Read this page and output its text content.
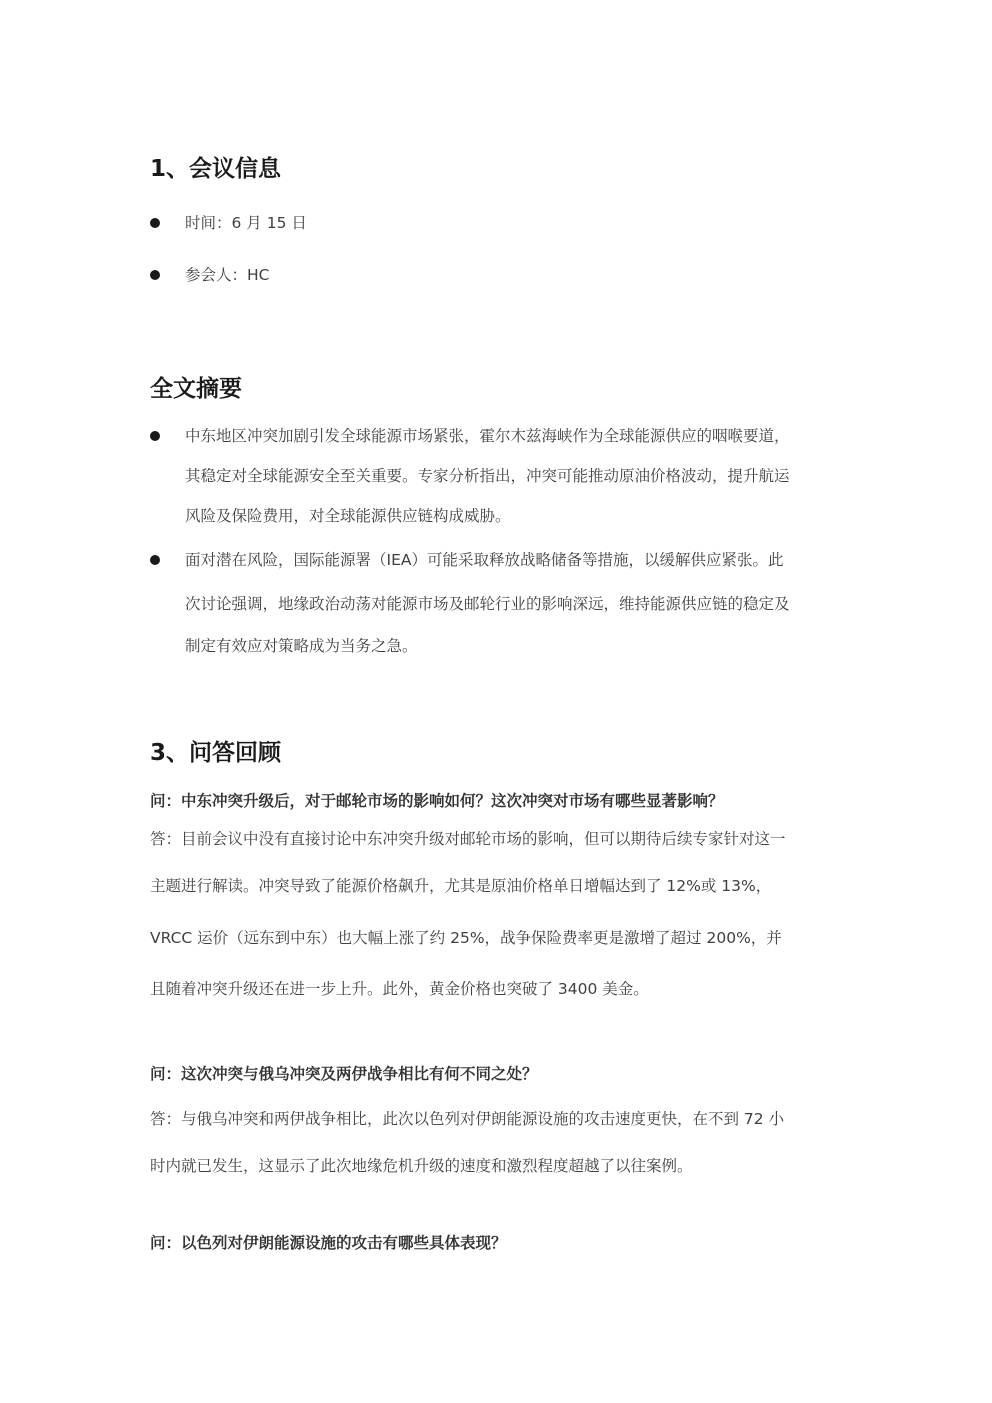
1、会议信息
时间：6 月 15 日
参会人：HC
全文摘要
中东地区冲突加剧引发全球能源市场紧张，霍尔木兹海峡作为全球能源供应的咽喉要道，
其稳定对全球能源安全至关重要。专家分析指出，冲突可能推动原油价格波动，提升航运
风险及保险费用，对全球能源供应链构成威胁。
面对潜在风险，国际能源署（IEA）可能采取释放战略储备等措施，以缓解供应紧张。此
次讨论强调，地缘政治动荡对能源市场及邮轮行业的影响深远，维持能源供应链的稳定及
制定有效应对策略成为当务之急。
3、问答回顾
问：中东冲突升级后，对于邮轮市场的影响如何？这次冲突对市场有哪些显著影响？
答：目前会议中没有直接讨论中东冲突升级对邮轮市场的影响，但可以期待后续专家针对这一
主题进行解读。冲突导致了能源价格飙升，尤其是原油价格单日增幅达到了 12%或 13%，
VRCC 运价（远东到中东）也大幅上涨了约 25%，战争保险费率更是激增了超过 200%，并
且随着冲突升级还在进一步上升。此外，黄金价格也突破了 3400 美金。
问：这次冲突与俄乌冲突及两伊战争相比有何不同之处？
答：与俄乌冲突和两伊战争相比，此次以色列对伊朗能源设施的攻击速度更快，在不到 72 小
时内就已发生，这显示了此次地缘危机升级的速度和激烈程度超越了以往案例。
问：以色列对伊朗能源设施的攻击有哪些具体表现？
